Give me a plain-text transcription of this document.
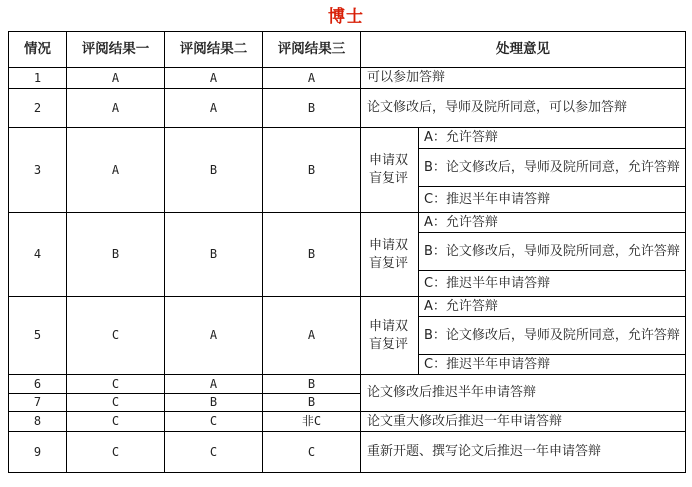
博士
情况	评阅结果一	评阅结果二	评阅结果三	处理意见	
1	A	A	A	可以参加答辩	
2	A	A	B	论文修改后，导师及院所同意，可以参加答辩	
3	A	B	B	申请双盲复评	A：允许答辩
					B：论文修改后，导师及院所同意，允许答辩
					C：推迟半年申请答辩
4	B	B	B	申请双盲复评	A：允许答辩
					B：论文修改后，导师及院所同意，允许答辩
					C：推迟半年申请答辩
5	C	A	A	申请双盲复评	A：允许答辩
					B：论文修改后，导师及院所同意，允许答辩
					C：推迟半年申请答辩
6	C	A	B	论文修改后推迟半年申请答辩	
7	C	B	B		
8	C	C	非C	论文重大修改后推迟一年申请答辩	
9	C	C	C	重新开题、撰写论文后推迟一年申请答辩	
